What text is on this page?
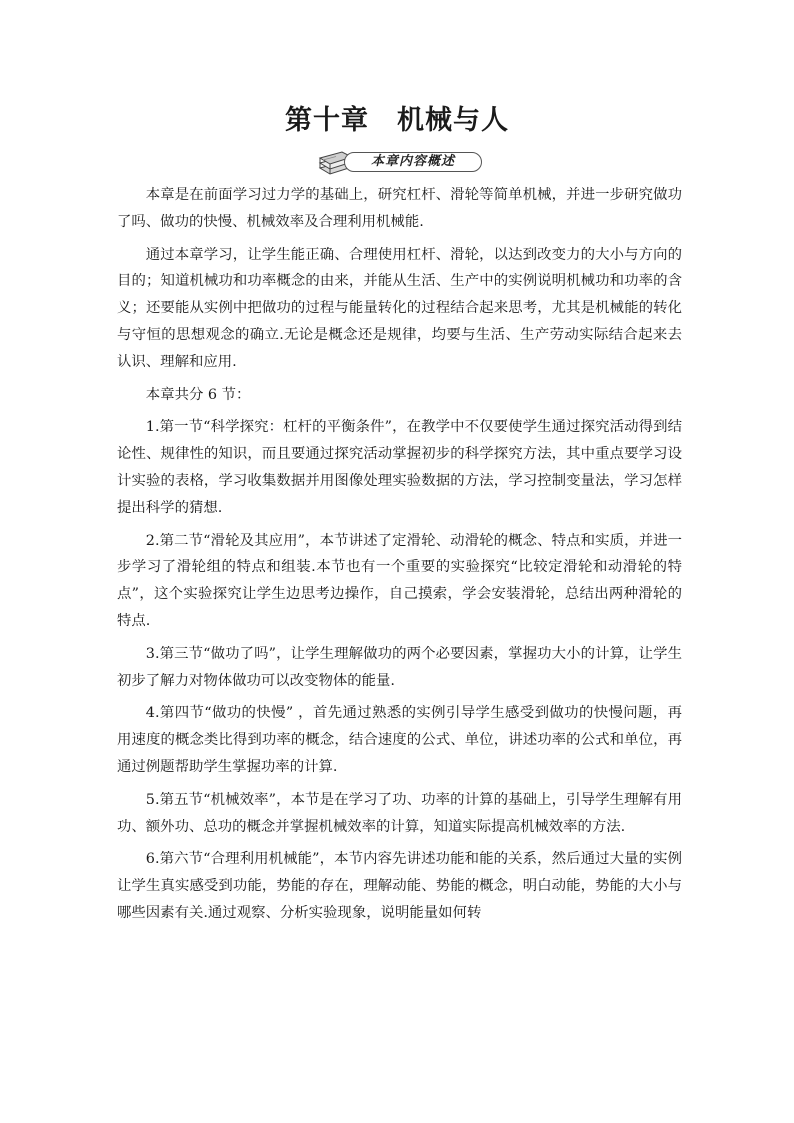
第十章　机械与人
本章内容概述

本章是在前面学习过力学的基础上，研究杠杆、滑轮等简单机械，并进一步研究做功了吗、做功的快慢、机械效率及合理利用机械能.

通过本章学习，让学生能正确、合理使用杠杆、滑轮，以达到改变力的大小与方向的目的；知道机械功和功率概念的由来，并能从生活、生产中的实例说明机械功和功率的含义；还要能从实例中把做功的过程与能量转化的过程结合起来思考，尤其是机械能的转化与守恒的思想观念的确立.无论是概念还是规律，均要与生活、生产劳动实际结合起来去认识、理解和应用.

本章共分 6 节：

1.第一节“科学探究：杠杆的平衡条件”，在教学中不仅要使学生通过探究活动得到结论性、规律性的知识，而且要通过探究活动掌握初步的科学探究方法，其中重点要学习设计实验的表格，学习收集数据并用图像处理实验数据的方法，学习控制变量法，学习怎样提出科学的猜想.

2.第二节“滑轮及其应用”，本节讲述了定滑轮、动滑轮的概念、特点和实质，并进一步学习了滑轮组的特点和组装.本节也有一个重要的实验探究“比较定滑轮和动滑轮的特点”，这个实验探究让学生边思考边操作，自己摸索，学会安装滑轮，总结出两种滑轮的特点.

3.第三节“做功了吗”，让学生理解做功的两个必要因素，掌握功大小的计算，让学生初步了解力对物体做功可以改变物体的能量.

4.第四节“做功的快慢” ，首先通过熟悉的实例引导学生感受到做功的快慢问题，再用速度的概念类比得到功率的概念，结合速度的公式、单位，讲述功率的公式和单位，再通过例题帮助学生掌握功率的计算.

5.第五节“机械效率”，本节是在学习了功、功率的计算的基础上，引导学生理解有用功、额外功、总功的概念并掌握机械效率的计算，知道实际提高机械效率的方法.

6.第六节“合理利用机械能”，本节内容先讲述功能和能的关系，然后通过大量的实例让学生真实感受到功能，势能的存在，理解动能、势能的概念，明白动能，势能的大小与哪些因素有关.通过观察、分析实验现象，说明能量如何转
